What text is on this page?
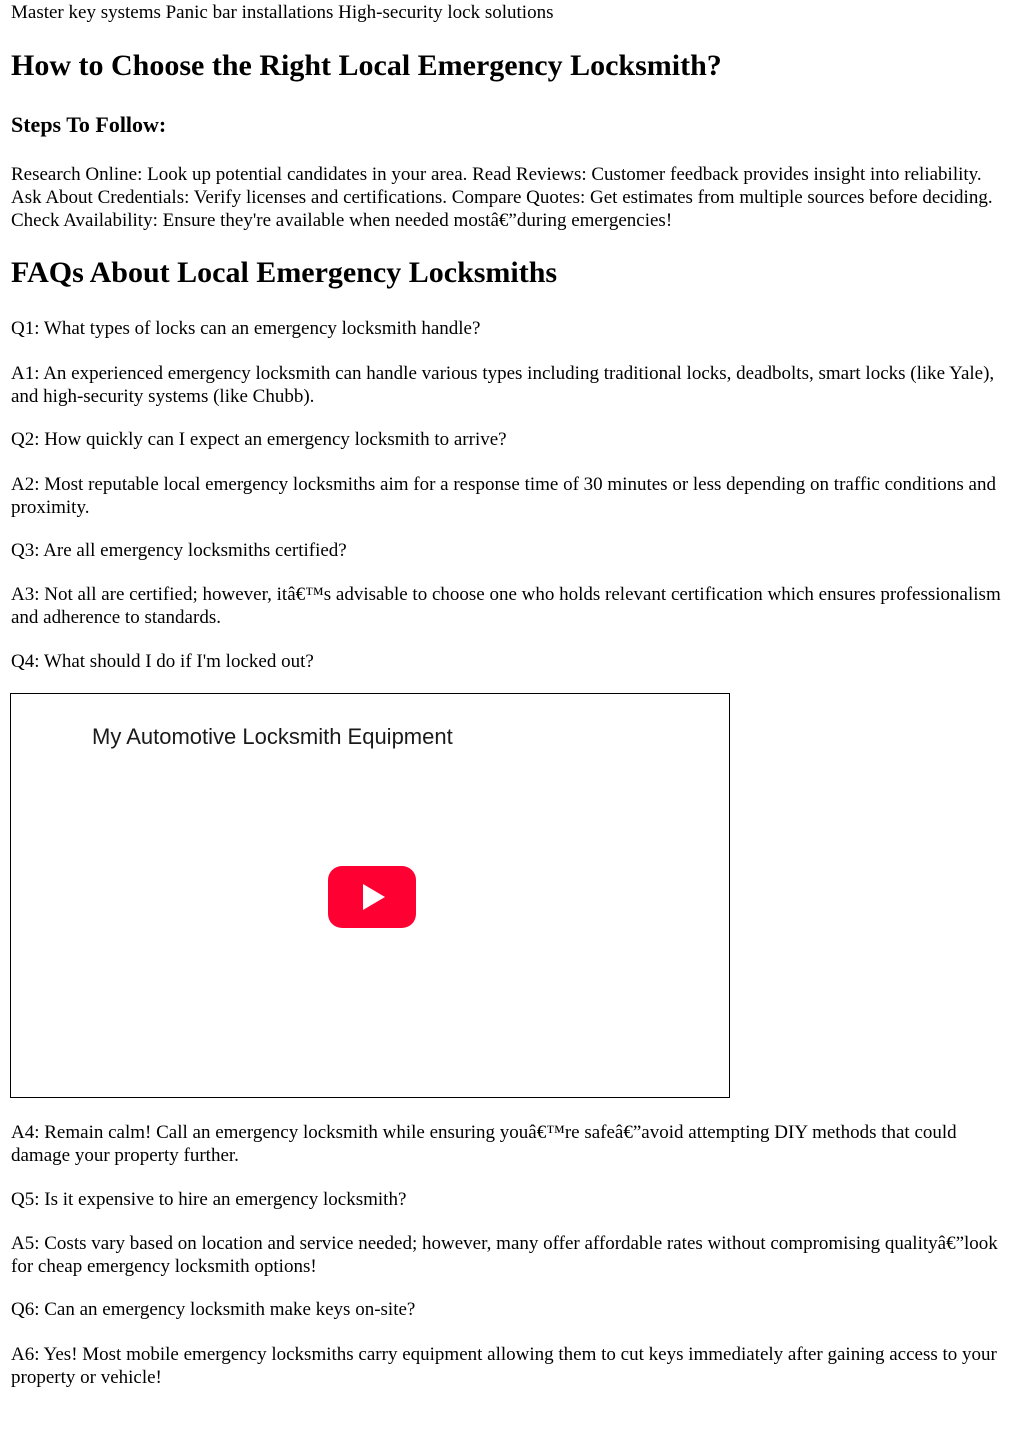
Master key systems Panic bar installations High-security lock solutions

How to Choose the Right Local Emergency Locksmith?
Steps To Follow:

Research Online: Look up potential candidates in your area. Read Reviews: Customer feedback provides insight into reliability. Ask About Credentials: Verify licenses and certifications. Compare Quotes: Get estimates from multiple sources before deciding. Check Availability: Ensure they're available when needed mostâ€”during emergencies!

FAQs About Local Emergency Locksmiths

Q1: What types of locks can an emergency locksmith handle?

A1: An experienced emergency locksmith can handle various types including traditional locks, deadbolts, smart locks (like Yale), and high-security systems (like Chubb).

Q2: How quickly can I expect an emergency locksmith to arrive?

A2: Most reputable local emergency locksmiths aim for a response time of 30 minutes or less depending on traffic conditions and proximity.

Q3: Are all emergency locksmiths certified?

A3: Not all are certified; however, itâ€™s advisable to choose one who holds relevant certification which ensures professionalism and adherence to standards.

Q4: What should I do if I'm locked out?

My Automotive Locksmith Equipment

A4: Remain calm! Call an emergency locksmith while ensuring youâ€™re safeâ€”avoid attempting DIY methods that could damage your property further.

Q5: Is it expensive to hire an emergency locksmith?

A5: Costs vary based on location and service needed; however, many offer affordable rates without compromising qualityâ€”look for cheap emergency locksmith options!

Q6: Can an emergency locksmith make keys on-site?

A6: Yes! Most mobile emergency locksmiths carry equipment allowing them to cut keys immediately after gaining access to your property or vehicle!
